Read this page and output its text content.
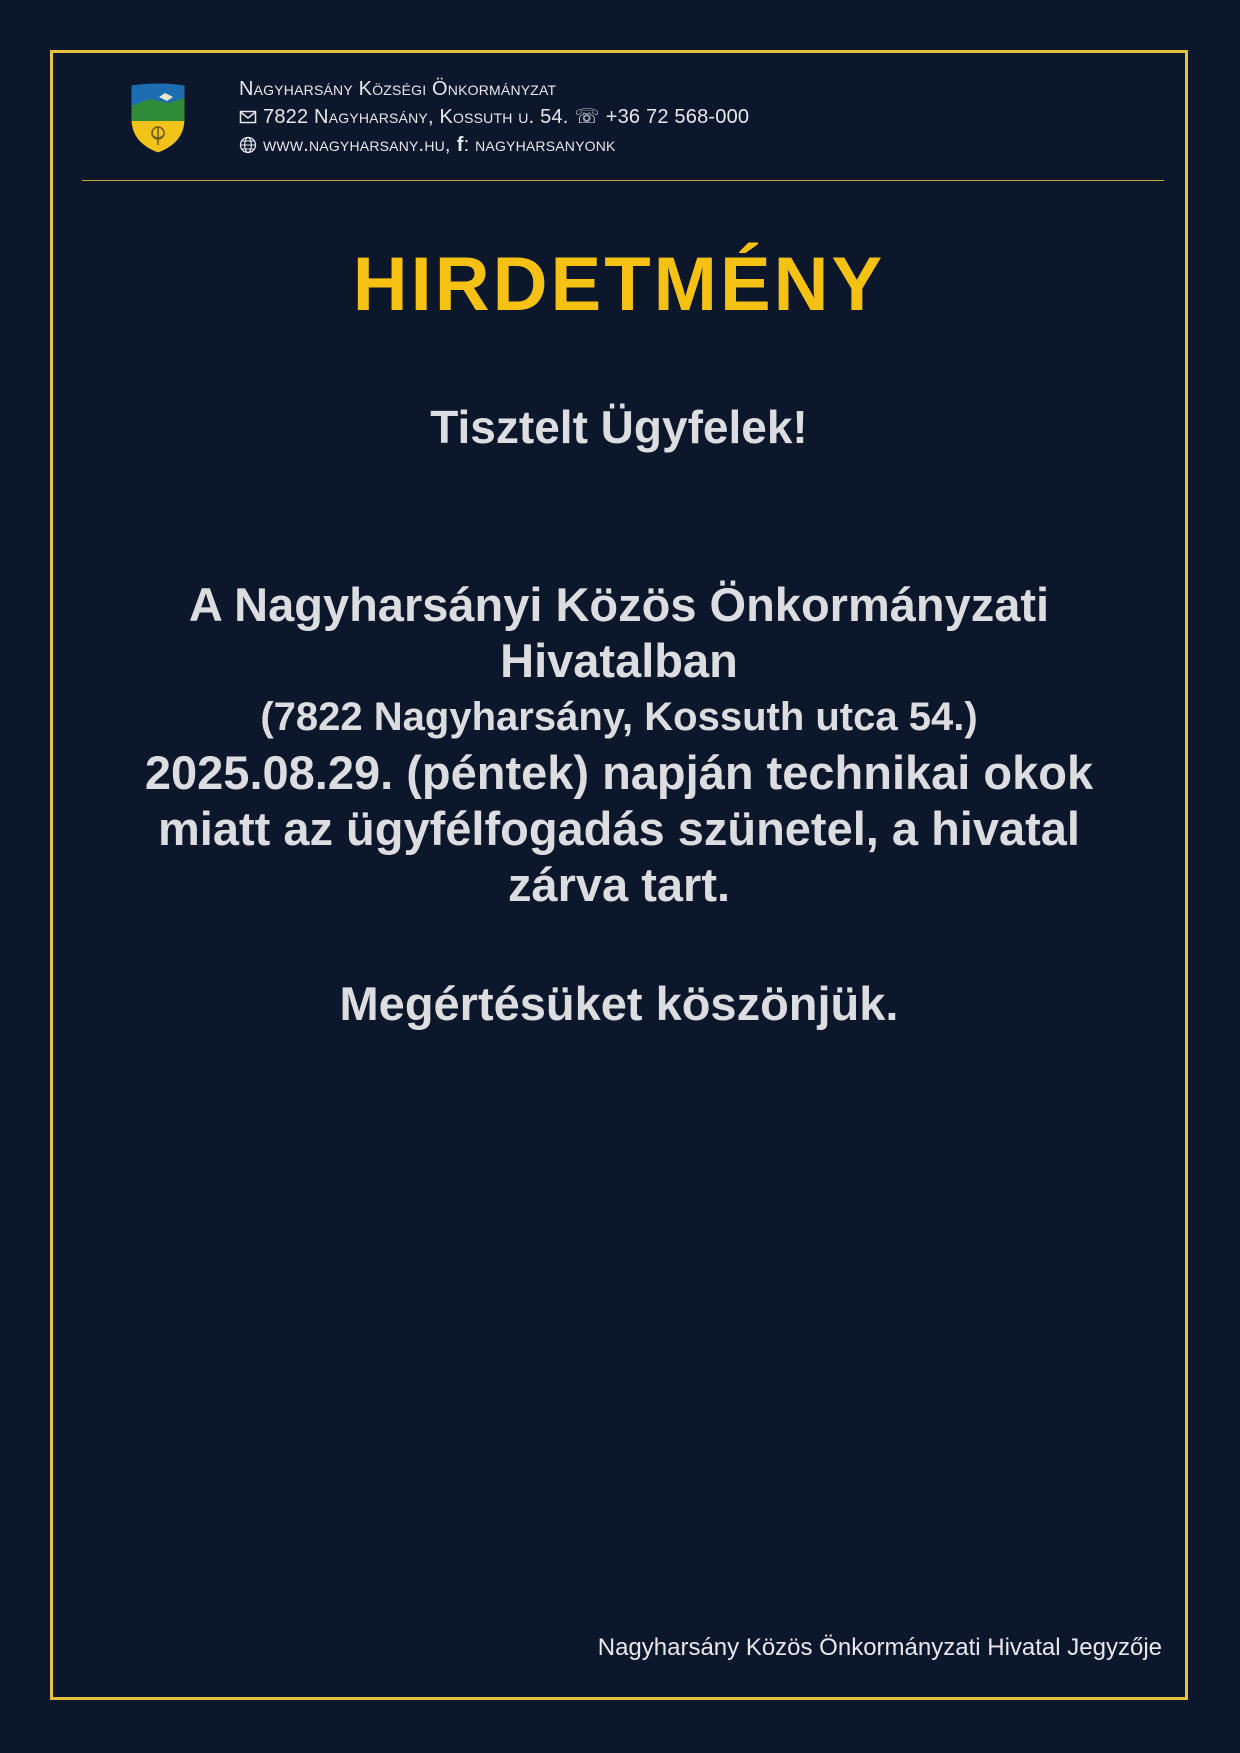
Nagyharsány Községi Önkormányzat
7822 Nagyharsány, Kossuth u. 54. ☏ +36 72 568-000
www.nagyharsany.hu, f : nagyharsanyonk
HIRDETMÉNY
Tisztelt Ügyfelek!
A Nagyharsányi Közös Önkormányzati
Hivatalban
(7822 Nagyharsány, Kossuth utca 54.)
2025.08.29. (péntek) napján technikai okok
miatt az ügyfélfogadás szünetel, a hivatal
zárva tart.
Megértésüket köszönjük.
Nagyharsány Közös Önkormányzati Hivatal Jegyzője
